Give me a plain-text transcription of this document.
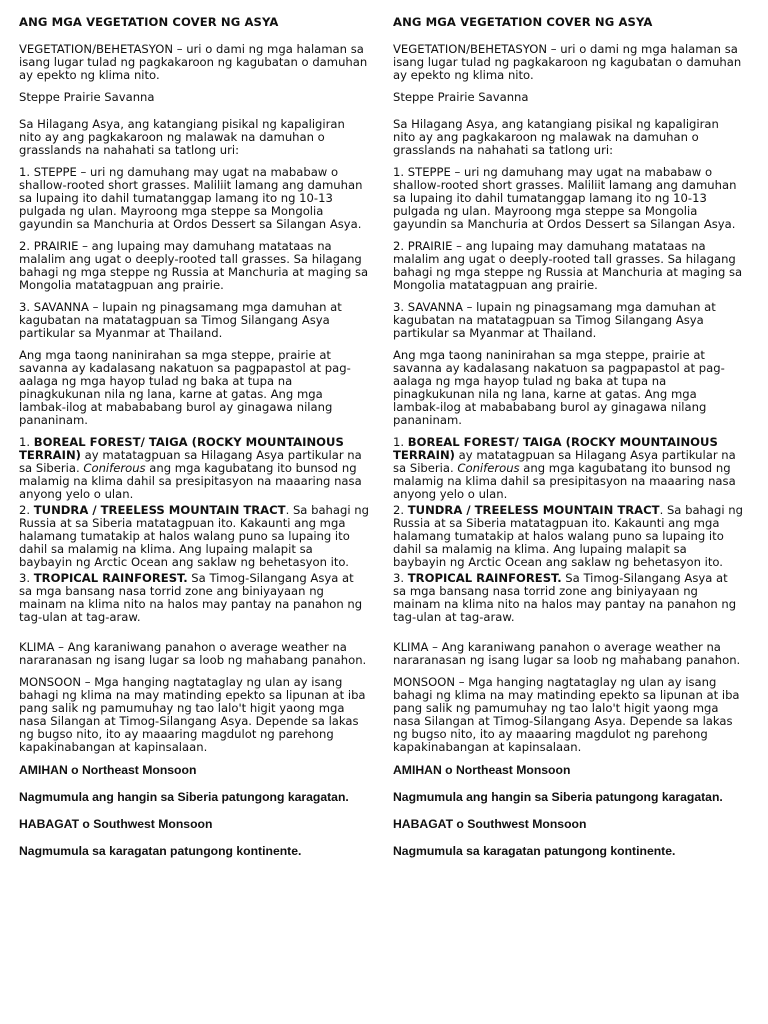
ANG MGA VEGETATION COVER NG ASYA
VEGETATION/BEHETASYON – uri o dami ng mga halaman sa isang lugar tulad ng pagkakaroon ng kagubatan o damuhan ay epekto ng klima nito.
Steppe Prairie Savanna
Sa Hilagang Asya, ang katangiang pisikal ng kapaligiran nito ay ang pagkakaroon ng malawak na damuhan o grasslands na nahahati sa tatlong uri:
1. STEPPE – uri ng damuhang may ugat na mababaw o shallow-rooted short grasses. Maliliit lamang ang damuhan sa lupaing ito dahil tumatanggap lamang ito ng 10-13 pulgada ng ulan. Mayroong mga steppe sa Mongolia gayundin sa Manchuria at Ordos Dessert sa Silangan Asya.
2. PRAIRIE – ang lupaing may damuhang matataas na malalim ang ugat o deeply-rooted tall grasses. Sa hilagang bahagi ng mga steppe ng Russia at Manchuria at maging sa Mongolia matatagpuan ang prairie.
3. SAVANNA – lupain ng pinagsamang mga damuhan at kagubatan na matatagpuan sa Timog Silangang Asya partikular sa Myanmar at Thailand.
Ang mga taong naninirahan sa mga steppe, prairie at savanna ay kadalasang nakatuon sa pagpapastol at pag-aalaga ng mga hayop tulad ng baka at tupa na pinagkukunan nila ng lana, karne at gatas. Ang mga lambak-ilog at mabababang burol ay ginagawa nilang pananinam.
1. BOREAL FOREST/ TAIGA (ROCKY MOUNTAINOUS TERRAIN) ay matatagpuan sa Hilagang Asya partikular na sa Siberia. Coniferous ang mga kagubatang ito bunsod ng malamig na klima dahil sa presipitasyon na maaaring nasa anyong yelo o ulan.
2. TUNDRA / TREELESS MOUNTAIN TRACT. Sa bahagi ng Russia at sa Siberia matatagpuan ito. Kakaunti ang mga halamang tumatakip at halos walang puno sa lupaing ito dahil sa malamig na klima. Ang lupaing malapit sa baybayin ng Arctic Ocean ang saklaw ng behetasyon ito.
3. TROPICAL RAINFOREST. Sa Timog-Silangang Asya at sa mga bansang nasa torrid zone ang biniyayaan ng mainam na klima nito na halos may pantay na panahon ng tag-ulan at tag-araw.
KLIMA – Ang karaniwang panahon o average weather na nararanasan ng isang lugar sa loob ng mahabang panahon.
MONSOON – Mga hanging nagtataglay ng ulan ay isang bahagi ng klima na may matinding epekto sa lipunan at iba pang salik ng pamumuhay ng tao lalo't higit yaong mga nasa Silangan at Timog-Silangang Asya. Depende sa lakas ng bugso nito, ito ay maaaring magdulot ng parehong kapakinabangan at kapinsalaan.
AMIHAN o Northeast Monsoon
Nagmumula ang hangin sa Siberia patungong karagatan.
HABAGAT o Southwest Monsoon
Nagmumula sa karagatan patungong kontinente.
ANG MGA VEGETATION COVER NG ASYA
VEGETATION/BEHETASYON – uri o dami ng mga halaman sa isang lugar tulad ng pagkakaroon ng kagubatan o damuhan ay epekto ng klima nito.
Steppe Prairie Savanna
Sa Hilagang Asya, ang katangiang pisikal ng kapaligiran nito ay ang pagkakaroon ng malawak na damuhan o grasslands na nahahati sa tatlong uri:
1. STEPPE – uri ng damuhang may ugat na mababaw o shallow-rooted short grasses. Maliliit lamang ang damuhan sa lupaing ito dahil tumatanggap lamang ito ng 10-13 pulgada ng ulan. Mayroong mga steppe sa Mongolia gayundin sa Manchuria at Ordos Dessert sa Silangan Asya.
2. PRAIRIE – ang lupaing may damuhang matataas na malalim ang ugat o deeply-rooted tall grasses. Sa hilagang bahagi ng mga steppe ng Russia at Manchuria at maging sa Mongolia matatagpuan ang prairie.
3. SAVANNA – lupain ng pinagsamang mga damuhan at kagubatan na matatagpuan sa Timog Silangang Asya partikular sa Myanmar at Thailand.
Ang mga taong naninirahan sa mga steppe, prairie at savanna ay kadalasang nakatuon sa pagpapastol at pag-aalaga ng mga hayop tulad ng baka at tupa na pinagkukunan nila ng lana, karne at gatas. Ang mga lambak-ilog at mabababang burol ay ginagawa nilang pananinam.
1. BOREAL FOREST/ TAIGA (ROCKY MOUNTAINOUS TERRAIN) ay matatagpuan sa Hilagang Asya partikular na sa Siberia. Coniferous ang mga kagubatang ito bunsod ng malamig na klima dahil sa presipitasyon na maaaring nasa anyong yelo o ulan.
2. TUNDRA / TREELESS MOUNTAIN TRACT. Sa bahagi ng Russia at sa Siberia matatagpuan ito. Kakaunti ang mga halamang tumatakip at halos walang puno sa lupaing ito dahil sa malamig na klima. Ang lupaing malapit sa baybayin ng Arctic Ocean ang saklaw ng behetasyon ito.
3. TROPICAL RAINFOREST. Sa Timog-Silangang Asya at sa mga bansang nasa torrid zone ang biniyayaan ng mainam na klima nito na halos may pantay na panahon ng tag-ulan at tag-araw.
KLIMA – Ang karaniwang panahon o average weather na nararanasan ng isang lugar sa loob ng mahabang panahon.
MONSOON – Mga hanging nagtataglay ng ulan ay isang bahagi ng klima na may matinding epekto sa lipunan at iba pang salik ng pamumuhay ng tao lalo't higit yaong mga nasa Silangan at Timog-Silangang Asya. Depende sa lakas ng bugso nito, ito ay maaaring magdulot ng parehong kapakinabangan at kapinsalaan.
AMIHAN o Northeast Monsoon
Nagmumula ang hangin sa Siberia patungong karagatan.
HABAGAT o Southwest Monsoon
Nagmumula sa karagatan patungong kontinente.
